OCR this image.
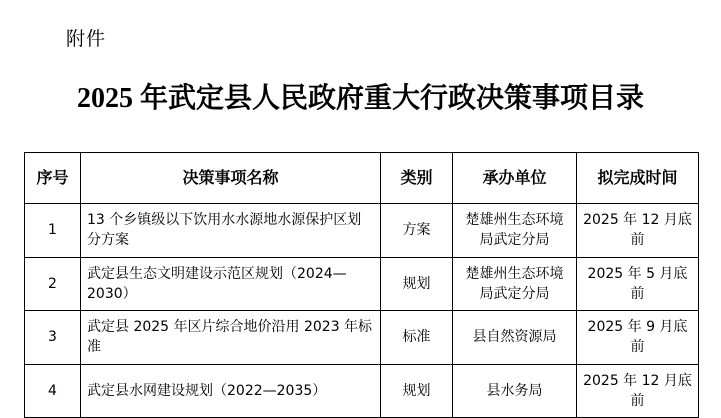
附件
2025 年武定县人民政府重大行政决策事项目录
序号	决策事项名称	类别	承办单位	拟完成时间
1	13 个乡镇级以下饮用水水源地水源保护区划分方案	方案	楚雄州生态环境局武定分局	2025 年 12 月底前
2	武定县生态文明建设示范区规划（2024—2030）	规划	楚雄州生态环境局武定分局	2025 年 5 月底前
3	武定县 2025 年区片综合地价沿用 2023 年标准	标准	县自然资源局	2025 年 9 月底前
4	武定县水网建设规划（2022—2035）	规划	县水务局	2025 年 12 月底前
